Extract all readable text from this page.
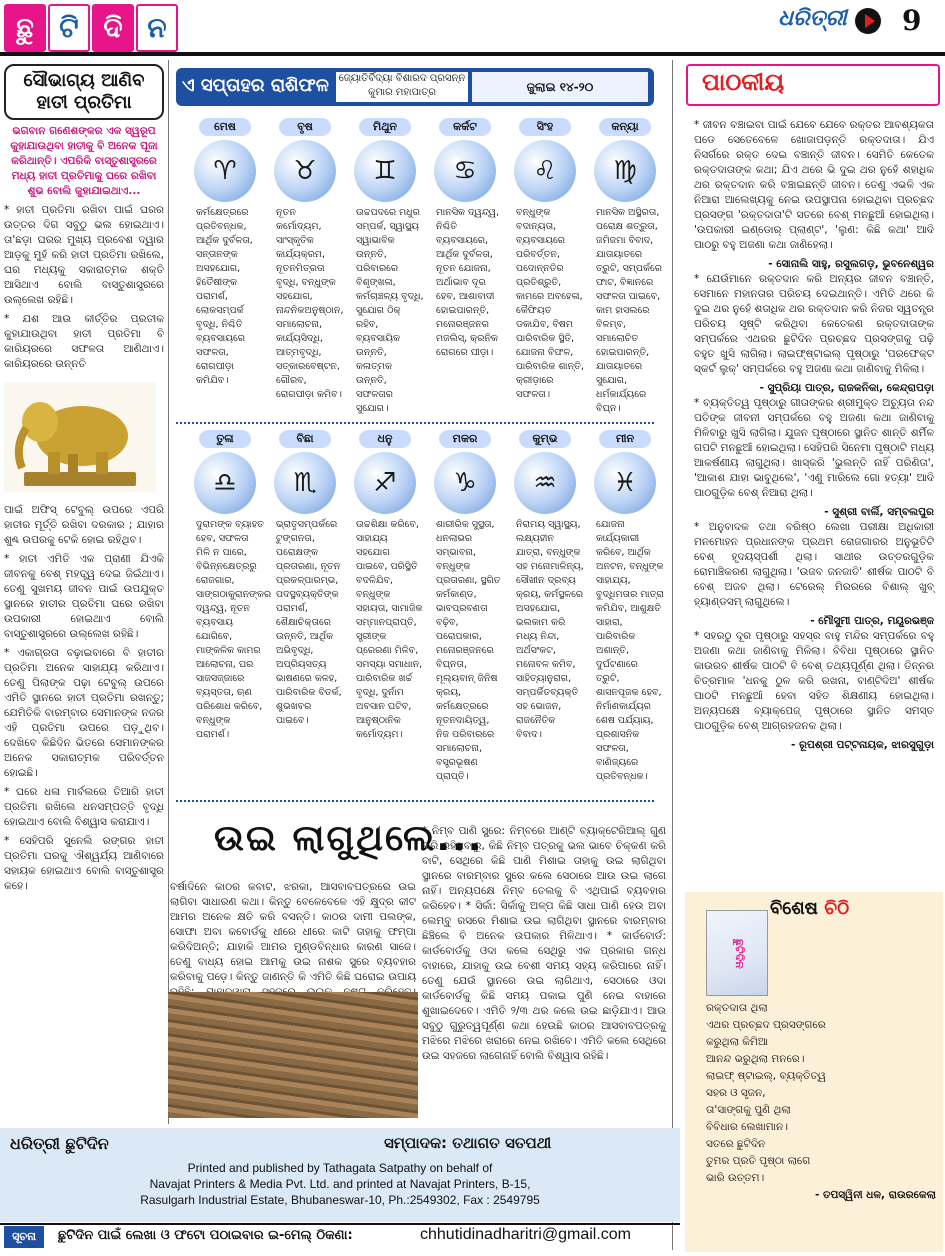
ଛୁ ଟି ଦି ନ	ଧରିତ୍ରୀ 9
ସୌଭାଗ୍ୟ ଆଣିବ ହାତୀ ପ୍ରତିମା
ଭଗବାନ ଗଣେଶଙ୍କର ଏକ ସ୍ୱରୂପ କୁହାଯାଉଥିବା ହାତୀକୁ ବି ଅନେକ ପୂଜା କରିଥାନ୍ତି। ଏପରିକି ବାସ୍ତୁଶାସ୍ତ୍ରରେ ମଧ୍ୟ ହାତୀ ପ୍ରତିମାକୁ ଘରେ ରଖିବା ଶୁଭ ବୋଲି କୁହାଯାଇଥାଏ...

* ହାତୀ ପ୍ରତିମା ରଖିବା ପାଇଁ ଘରର ଉତ୍ତର ଦିଗ ସବୁଠୁ ଭଲ ହୋଇଥାଏ। ତା'ଛଡ଼ା ଘରର ମୁଖ୍ୟ ପ୍ରବେଶ ଦ୍ୱାର ଆଡ଼କୁ ମୁହଁ କରି ହାତୀ ପ୍ରତିମା ରଖିଲେ, ଘର ମଧ୍ୟକୁ ସକାରାତ୍ମକ ଶକ୍ତି ଆସିଥାଏ ବୋଲି ବାସ୍ତୁଶାସ୍ତ୍ରରେ ଉଲ୍ଲେଖ ରହିଛି।

* ଯଶ ଆଉ କୀର୍ତ୍ତିର ପ୍ରତୀକ କୁହାଯାଉଥିବା ହାତୀ ପ୍ରତିମା ବି କାରିୟରରେ ସଫଳତା ଆଣିଥାଏ। କାରିୟରରେ ଉନ୍ନତି

ପାଇଁ ଅଫିସ୍ ଟେବୁଲ୍ ଉପରେ ଏପରି ହାତୀର ମୂର୍ତ୍ତି ରଖିବା ଦରକାର ; ଯାହାର ଶୁଣ୍ଢ ଉପରକୁ ଟେକି ହୋଇ ରହିଥିବ।

* ହାତୀ ଏମିତି ଏକ ପ୍ରାଣୀ ଯିଏକି ଜୀବନକୁ ବେଶ୍ ମହତ୍ତ୍ୱ ଦେଇ ଜିଇଁଥାଏ। ତେଣୁ ସୁଖମୟ ଜୀବନ ପାଇଁ ଉପଯୁକ୍ତ ସ୍ଥାନରେ ହାତୀର ପ୍ରତିମା ଘରେ ରଖିବା ଉପକାରୀ ହୋଇଥାଏ ବୋଲି ବାସ୍ତୁଶାସ୍ତ୍ରରେ ଉଲ୍ଲେଖ ରହିଛି।

* ଏକାଗ୍ରତା ବଢ଼ାଇବାରେ ବି ହାତୀର ପ୍ରତିମା ଅନେକ ସାହାଯ୍ୟ କରିଥାଏ। ତେଣୁ ପିଲାଙ୍କ ପଢ଼ା ଟେବୁଲ୍ ଉପରେ ଏମିତି ସ୍ଥାନରେ ହାତୀ ପ୍ରତିମା ରଖନ୍ତୁ; ଯେମିତିକି ବାରମ୍ବାର ସେମାନଙ୍କ ନଜର ଏହି ପ୍ରତିମା ଉପରେ ପଡ଼ୁଥିବ। ଦେଖିବେ କିଛିଦିନ ଭିତରେ ସେମାନଙ୍କର ଅନେକ ସକାରାତ୍ମକ ପରିବର୍ତ୍ତନ ହୋଇଛି।

* ଘରେ ଧଳା ମାର୍ବଲରେ ତିଆରି ହାତୀ ପ୍ରତିମା ରଖିଲେ ଧନସମ୍ପତ୍ତି ବୃଦ୍ଧି ହୋଇଥାଏ ବୋଲି ବିଶ୍ୱାସ କରାଯାଏ।

* ସେହିପରି ସୁନେଲି ରଙ୍ଗର ହାତୀ ପ୍ରତିମା ଘରକୁ ଐଶ୍ୱର୍ଯ୍ୟ ଆଣିବାରେ ସହାୟକ ହୋଇଥାଏ ବୋଲି ବାସ୍ତୁଶାସ୍ତ୍ର କହେ।

ଏ ସପ୍ତାହର ରାଶିଫଳ ଜ୍ୟୋତିର୍ବିଦ୍ୟା ବିଶାରଦ ପ୍ରସନ୍ନ କୁମାର ମହାପାତ୍ର	ଜୁଲାଇ ୧୪-୨୦
ମେଷ
♈
କର୍ମକ୍ଷେତ୍ରରେ ପ୍ରତିବନ୍ଧକ, ଆର୍ଥିକ ଦୁର୍ବଳତା, ସନ୍ତାନଙ୍କ ଅସହଯୋଗ, ହିତୈଷୀଙ୍କ ପରାମର୍ଶ, ଲୋକସମ୍ପର୍କ ବୃଦ୍ଧି, ନିଶ୍ଚିତି ବ୍ୟବସାୟରେ ସଫଳତା, ରୋଗପୀଡ଼ା କମିଯିବ।
ବୃଷ
♉
ନୂତନ କର୍ମୋଦ୍ୟମ, ସାଂସ୍କୃତିକ କାର୍ଯ୍ୟକ୍ରମ, ନୂତନମିତ୍ରତା ବୃଦ୍ଧି, ବନ୍ଧୁଙ୍କ ସହଯୋଗ, ନାନ୍ଦନିକଅନୁଷ୍ଠାନ, ସମାଲୋଚନା, କାର୍ଯ୍ୟସିଦ୍ଧି, ଆତ୍ମବୃଦ୍ଧି, ସତ୍କାରବେଷ୍ଟନ, ଗୌରବ, ରୋଗପୀଡ଼ା କମିବ।
ମିଥୁନ
♊
ଉଚ୍ଚପଦରେ ମଧୁର ସମ୍ପର୍କ, ସ୍ୱାସ୍ଥ୍ୟ ସ୍ୱାଭାବିକ ଉନ୍ନତି, ପରିବାରରେ ବିଶୃଙ୍ଖଳା, କର୍ମଚାଞ୍ଚଳ୍ୟ ବୃଦ୍ଧି, ସୁଯୋଗ ଠିକ୍ ରହିବ, ବ୍ୟବସାୟିକ ଉନ୍ନତି, କଳାତ୍ମକ ଉନ୍ନତି, ସଫଳତାର ସୁଯୋଗ।
କର୍କଟ
♋
ମାନସିକ ଦ୍ୱନ୍ଦ୍ୱ, ନିଶ୍ଚିତି ବ୍ୟବସାୟରେ, ଆର୍ଥିକ ଦୁର୍ବଳତା, ନୂତନ ଯୋଜନା, ଅର୍ଥାଭାବ ଦୂର ହେବ, ଆଶାବାଦୀ ହୋଇପାରନ୍ତି, ମନୋରଞ୍ଜନର ମଜଲିସ୍, କ୍ରନିକ ରୋଗରେ ପୀଡ଼ା।
ସିଂହ
♌
ବନ୍ଧୁଙ୍କ ବଦାନ୍ୟତା, ବ୍ୟବସାୟରେ ପରିବର୍ତ୍ତନ, ପଦୋନ୍ନତିର ପ୍ରତିଶ୍ରୁତି, କାମରେ ଅବହେଳା, କୈଫିୟତ ଡକାଯିବ, ବିଷମ ପାରିବାରିକ ସ୍ଥିତି, ଯୋଜନା ବିଫଳ, ପାରିବାରିକ ଶାନ୍ତି, କ୍ରୀଡ଼ାରେ ସଫଳତା।
କନ୍ୟା
♍
ମାନସିକ ଅସ୍ଥିରତା, ପରୋକ୍ଷ ଶତ୍ରୁତା, ଜମିଜମା ବିବାଦ, ଯାତାୟାତରେ ତ୍ରୁଟି, ସମ୍ପର୍କରେ ଫାଟ, ବିଜ୍ଞାନରେ ସଫଳତା ପାଇବେ, କାମ ହାସଲରେ ବିଳମ୍ବ, ସମାଲୋଚିତ ହୋଇପାରନ୍ତି, ଯାତାୟାତରେ ସୁଯୋଗ, ଧର୍ମକାର୍ଯ୍ୟରେ ବିଘ୍ନ।
ତୁଳା
♎
ଦୁରାମଙ୍କ ବ୍ୟାହତ ହେବ, ସଫଳତା ମିଳି ନ ପାରେ, ବିଭିନ୍ନକ୍ଷେତ୍ରରୁ ରୋଜଗାର, ସାଙ୍ଗଠାକୁରାନଙ୍କର ଦ୍ୱନ୍ଦ୍ୱ, ନୂତନ ବ୍ୟବସାୟ ଯୋଗିବେ, ମାଙ୍କଳିକ କାମର ଆଲୋଚନା, ଘର ସାଜସଜ୍ଜାରେ ବ୍ୟସ୍ତତା, ଋଣ ପରିଶୋଧ କରିବେ, ବନ୍ଧୁଙ୍କ ପରାମର୍ଶ।
ବିଛା
♏
ଭ୍ରାତୃସମ୍ପର୍କରେ ଟୁଙ୍ଗନତା, ପରୋକ୍ଷଙ୍କ ପ୍ରତାରଣା, ନୂତନ ପ୍ରକଳ୍ପାରମ୍ଭ, ପଦସ୍ଥବ୍ୟକ୍ତିଙ୍କ ପରାମର୍ଶ, ଶୈକ୍ଷାଚିକ୍ତାରେ ଉନ୍ନତି, ଆର୍ଥିକ ଅଭିବୃଦ୍ଧି, ଅପ୍ରିୟସତ୍ୟ ଭାଷଣରେ କଳହ, ପାରିବାରିକ ବିତର୍କ, ଶୁଭଖବର ପାଇବେ।
ଧନୁ
♐
ଉଚ୍ଚଶିକ୍ଷା କରିବେ, ସାହାଯ୍ୟ ସହଯୋଗ ପାଇବେ, ପରିସ୍ଥିତି ବଦଳିଯିବ, ବନ୍ଧୁଙ୍କ ସହାୟତା, ସାମାଜିକ ସମ୍ମାନପ୍ରାପ୍ତି, ସ୍ତ୍ରୀଙ୍କ ପ୍ରେରଣା ମିଳିବ, ସମସ୍ୟା ସମାଧାନ, ପାରିବାରିକ ଖର୍ଚ୍ଚ ବୃଦ୍ଧି, ଦୁର୍ନାମ ଅବସାନ ଘଟିବ, ଆନୁଷ୍ଠାନିକ କର୍ମୋଦ୍ୟମ।
ମକର
♑
ଶାରୀରିକ ସୁସ୍ଥତା, ଧନଲାଭର ସମ୍ଭାବନା, ବନ୍ଧୁଙ୍କ ପ୍ରତାରଣା, ସ୍ଥଗିତ କର୍ମକାଣ୍ଡ, ଭାବପ୍ରବଣତା ବଢ଼ିବ, ପରୋପକାର, ମନୋରଞ୍ଜନରେ ବିଘ୍ନତା, ମୂଲ୍ୟବାନ୍ ଜିନିଷ କ୍ରୟ, କର୍ମକ୍ଷେତ୍ରରେ ନୂତନଦାୟିତ୍ୱ, ନିଜ ପରିବାରରେ ସମାଲୋଚନା, ବସ୍ତ୍ରଭୂଷଣ ପ୍ରାପ୍ତି।
କୁମ୍ଭ
♒
ନିରାମୟ ସ୍ୱାସ୍ଥ୍ୟ, ଲକ୍ଷ୍ୟହୀନ ଯାତ୍ରା, ବନ୍ଧୁଙ୍କ ସହ ମନୋମାଳିନ୍ୟ, ସୌଖୀନ ଦ୍ରବ୍ୟ କ୍ରୟ, କର୍ମସ୍ଥଳରେ ଅସହଯୋଗ, ଭଲକାମ କରି ମଧ୍ୟ ନିନ୍ଦା, ଅର୍ଥସଂକଟ, ମନୋବଳ କମିବ, ସାହିତ୍ୟାନୁରାଗ, ସମ୍ପର୍କିତବ୍ୟକ୍ତି ସହ ଭୋଜନ, ରାଜନୈତିକ ବିବାଦ।
ମୀନ
♓
ଯୋଜନା କାର୍ଯ୍ୟକାରୀ କରିବେ, ଆର୍ଥିକ ଅନଟନ, ବନ୍ଧୁଙ୍କ ସାହାଯ୍ୟ, ବୁଦ୍ଧିମତାର ମାତ୍ରା କମିଯିବ, ଆଶୁକ୍ଷତି ସାହାରା, ପାରିବାରିକ ଅଶାନ୍ତି, ଦୁର୍ଘଟଣାରେ ତ୍ରୁଟି, ଶାସନପୂଜକ ହେବ, ନିର୍ମାଣକାର୍ଯ୍ୟର ଶେଷ ପର୍ଯ୍ୟାୟ, ପ୍ରଶାସନିକ ସଫଳତା, ବାଣିଜ୍ୟରେ ପ୍ରତିବନ୍ଧକ।
ଉଇ ଲାଗୁଥିଲେ...
ବର୍ଷାଦିନେ କାଠର କବାଟ, ଝରକା, ଆସବାବପତ୍ରରେ ଉଇ ଲାଗିବା ସାଧାରଣ କଥା। କିନ୍ତୁ ବେଳେବେଳେ ଏହି କ୍ଷୁଦ୍ର କୀଟ ଆମର ଅନେକ କ୍ଷତି କରି ବସନ୍ତି। କାଠର ଦାମୀ ପଲଙ୍କ, ସୋଫା ଅବା କବୋର୍ଡକୁ ଧୀରେ ଧୀରେ କାଟି ତାହାକୁ ଫମ୍ପା କରିଦିଅନ୍ତି; ଯାହାକି ଆମର ମୁଣ୍ଡବିନ୍ଧାର କାରଣ ସାଜେ। ତେଣୁ ବାଧ୍ୟ ହୋଇ ଆମକୁ ଉଇ ନାଶକ ସ୍ପ୍ରେ ବ୍ୟବହାର କରିବାକୁ ପଡ଼େ। କିନ୍ତୁ ଜାଣନ୍ତି କି ଏମିତି କିଛି ଘରୋଇ ଉପାୟ
* ନିମ୍ବ ପାଣି ସ୍ପ୍ରେ: ନିମ୍ବରେ ଆଣ୍ଟି ବ୍ୟାକ୍ଟେରିଆଲ୍ ଗୁଣ ଭରି ରହିଥିବାରୁ, କିଛି ନିମ୍ବ ପତ୍ରକୁ ଭଲ ଭାବେ ଚିକ୍କଣ କରି ବାଟି, ସେଥିରେ କିଛି ପାଣି ମିଶାଇ ତାହାକୁ ଉଇ ଲାଗିଥିବା ସ୍ଥାନରେ ବାରମ୍ବାର ସ୍ପ୍ରେ କଲେ ସେଠାରେ ଆଉ ଉଇ ଲାଗେ ନାହିଁ। ଅନ୍ୟପକ୍ଷେ ନିମ୍ବ ତେଲକୁ ବି ଏଥିପାଇଁ ବ୍ୟବହାର କରିହେବ। * ସିର୍କା: ସିର୍କାକୁ ଅଳ୍ପ କିଛି ସାଧା ପାଣି ହେଉ ଅବା ଲେମ୍ବୁ ରସରେ ମିଶାଇ ଉଇ ଲାଗିଥିବା ସ୍ଥାନରେ ବାରମ୍ବାର ଛିଞ୍ଚିଲେ ବି ଅନେକ ଉପକାର ମିଳିଥାଏ। * କାର୍ଡବୋର୍ଡ: କାର୍ଡବୋର୍ଡକୁ ଓଦା କଲେ ସେଥିରୁ ଏକ ପ୍ରକାର ଗନ୍ଧ ବାହାରେ, ଯାହାକୁ ଉଇ ବେଶୀ ସମୟ ସହ୍ୟ କରିପାରେ ନାହିଁ। ତେଣୁ ଯେଉଁ ସ୍ଥାନରେ ଉଇ ଲାଗିଥାଏ, ସେଠାରେ ଓଦା କାର୍ଡବୋର୍ଡକୁ କିଛି ସମୟ ପକାଇ ପୁଣି ନେଇ ବାହାରେ ଶୁଖାଇଦେବେ। ଏମିତି ୨/୩ ଥର କଲେ ଉଇ ଛାଡ଼ିଯାଏ। ଆଉ ସବୁଠୁ ଗୁରୁତ୍ୱପୂର୍ଣ୍ଣ କଥା ହେଉଛି କାଠର ଆସବାବପତ୍ରକୁ ମଝିରେ ମଝିରେ ଖରାରେ ନେଇ ରଖିବେ। ଏମିତି କଲେ ସେଥିରେ ଉଇ ସହଜରେ ଲାଗେନାହିଁ ବୋଲି ବିଶ୍ୱାସ ରହିଛି।
ପାଠକୀୟ

* ଜୀବନ ବଞ୍ଚାଇବା ପାଇଁ ଯେବେ ଯେବେ ରକ୍ତର ଆବଶ୍ୟକତା ପଡେ ସେତେବେଳେ ଖୋଜାପଡ଼ନ୍ତି ରକ୍ତଦାତା। ଯିଏ ନିସର୍ଗରେ ରକ୍ତ ଦେଇ ବଞ୍ଚାନ୍ତି ଜୀବନ। ସେମିତି କେତେକ ରକ୍ତଦାତାଙ୍କ କଥା; ଯିଏ ଥରେ ଭି ଦୁଇ ଥର ନୁହେଁ ଶହାଧିକ ଥର ରକ୍ତଦାନ କରି ବଞ୍ଚାଇଛନ୍ତି ଜୀବନ। ତେଣୁ ଏଭଳି ଏକ ନିଆରା ଆଲେଖ୍ୟକୁ ନେଇ ଉପସ୍ଥାପନା ହୋଇଥିବା ପ୍ରଚ୍ଛଦ ପ୍ରସଙ୍ଗ 'ରକ୍ତଦାତା'ଟି ସତରେ ବେଶ୍ ମନଛୁଆଁ ହୋଇଥିଲା। 'ଉପକାରୀ ଇଣ୍ଡୋର୍ ପ୍ଲାଣ୍ଟ', 'ଲୁଣ: କିଛି କଥା' ଆଦି ପାଠରୁ ବହୁ ଅଜଣା କଥା ଜାଣିହେଲା।

- ସୋନାଲି ସାହୁ, ରସୁଲଗଡ଼, ଭୁବନେଶ୍ୱର

* ଯେଉଁମାନେ ରକ୍ତଦାନ କରି ଅନ୍ୟର ଜୀବନ ବଞ୍ଚାନ୍ତି, ସେମାନେ ମହାନତାର ପରିଚୟ ଦେଇଥାନ୍ତି। ଏମିତି ଥରେ କି ଦୁଇ ଥର ନୁହେଁ ଶତାଧିକ ଥର ରକ୍ତଦାନ କରି ନିଜର ସ୍ୱତନ୍ତ୍ର ପରିଚୟ ସୃଷ୍ଟି କରିଥିବା କେତେକଣ ରକ୍ତଦାତାଙ୍କ ସମ୍ପର୍କରେ ଏଥରର ଛୁଟିଦିନ ପ୍ରଚ୍ଛଦ ପ୍ରସଙ୍ଗକୁ ପଢ଼ି ବହୁତ ଖୁସି ଲାଗିଲା। ଲାଇଫ୍‌ଷ୍ଟାଇଲ୍ ପୃଷ୍ଠାରୁ 'ପରଫେକ୍ଟ ସ୍କର୍ଟ ଲୁକ୍' ସମ୍ପର୍କରେ ବହୁ ଅଜଣା କଥା ଜାଣିବାକୁ ମିଳିଲା।

- ସୁପ୍ରିୟା ପାତ୍ର, ରାଜକନିକା, କେନ୍ଦ୍ରାପଡ଼ା

* ବ୍ୟକ୍ତିତ୍ୱ ପୃଷ୍ଠାରୁ ଗୀତାଙ୍କର ଶ୍ରୀମୁକ୍ତ ଅଚ୍ୟୁତା ନନ୍ଦ ପତିଙ୍କ ଜୀବନୀ ସମ୍ପର୍କରେ ବହୁ ଅଜଣା କଥା ଜାଣିବାକୁ ମିଳିବାରୁ ଖୁସି ଲାଗିଲା। ଯୁଜନ ପୃଷ୍ଠାରେ ସ୍ଥାନିତ ଶାନ୍ତି ଶର୍ମିଳ ଗପଟି ମନଛୁଆଁ ହୋଇଥିଲା। ସେହିପରି ସିନେମା ପୃଷ୍ଠାଟି ମଧ୍ୟ ଆକର୍ଷଣୀୟ ଲାଗୁଥିଲା। ଖାସ୍‌କରି 'ଭୁଲନ୍ତି ନାହିଁ ପରିଣିତା', 'ଆକାଶ ଯାହା ଭାବୁଥିଲେ', 'ଏଣୁ ମାରିଲେ ଗୋ ହତ୍ୟା' ଆଦି ପାଠଗୁଡ଼ିକ ବେଶ୍ ନିଆରା ଥିଲା।

- ସୁଶ୍ରୀ ବାର୍ଲି, ସମ୍ବଲପୁର

* ଅନୁବାଦକ ତଥା ବରିଷ୍ଠ ଲେଖା ପରୀକ୍ଷା ଅଧିକାରୀ ମନମୋହନ ପ୍ରଧାନଙ୍କ ପ୍ରଥମ ରୋଜଗାରର ଅନୁଭୂତିଟି ବେଶ୍ ହୃଦୟସ୍ପର୍ଶୀ ଥିଲା। ସାଥୀର ଉତ୍ତରଗୁଡ଼ିକ ରୋମାଞ୍ଚିକରଣ ଲାଗୁଥିଲା। 'ଉଜବ ଜନଜାତି' ଶୀର୍ଷକ ପାଠଟି ବି ବେଶ୍ ଅଜବ ଥିଲା। ଟେରେଲ୍ ମିରରରେ ବିଶାଲ୍ ଖୁବ୍ ହ୍ୟାଣ୍ଡସମ୍ ଲାଗୁଥିଲେ।

- ମୌସୁମୀ ପାତ୍ର, ମୟୂରଭଞ୍ଜ

* ସହରଠୁ ଦୂର ପୃଷ୍ଠାରୁ ସହସ୍ର ବାହୁ ମନ୍ଦିର ସମ୍ପର୍କରେ ବହୁ ଅଜଣା କଥା ଜାଣିବାକୁ ମିଳିଲା। ବିବିଧା ପୃଷ୍ଠାରେ ସ୍ଥାନିତ କାଉରବ ଶୀର୍ଷକ ପାଠଟି ବି ବେଶ୍ ତଥ୍ୟପୂର୍ଣ୍ଣ ଥିଲା। ତିନ୍ନର ଚିତ୍ରମାଳ 'ଧନକୁ ଠୁଳ କରି ରଖନା, ବାଣ୍ଟିଦିଅ' ଶୀର୍ଷକ ପାଠଟି ମନଛୁଆଁ ହେବା ସହିତ ଶିକ୍ଷଣୀୟ ହୋଇଥିଲା। ଅନ୍ୟପକ୍ଷେ ବ୍ୟାକ୍‌ପେଜ୍ ପୃଷ୍ଠାରେ ସ୍ଥାନିତ ସମସ୍ତ ପାଠଗୁଡ଼ିକ ବେଶ୍ ଆଗ୍ରହଜନକ ଥିଲା।

- ରୂପଶ୍ରୀ ପଟ୍ଟନାୟକ, ଝାରସୁଗୁଡ଼ା
ବିଶେଷ ଚିଠି
ଛୁଟିଦିନ
ରକ୍ତଦାତା ଥିଲା
ଏଥର ପ୍ରଚ୍ଛଦ ପ୍ରସଙ୍ଗରେ
କରୁଥିଲା କିମିଆ
ଆନନ୍ଦ ଭରୁଥିଲା ମନରେ।
ଲାଇଫ୍ ଷ୍ଟାଇଲ୍, ବ୍ୟକ୍ତିତ୍ୱ
ସହର ଓ ସୃଜନ,
ତା'ସାଙ୍ଗକୁ ପୁଣି ଥିଲା
ବିବିଧାର ଲେଖାମାନ।
ସତରେ ଛୁଟିଦିନ
ତୁମର ପ୍ରତି ପୃଷ୍ଠା ଲାଗେ
ଭାରି ଉତ୍ତମ।
- ତପସ୍ୱିନୀ ଧଳ, ରାଉରକେଲା
ଧରିତ୍ରୀ ଛୁଟିଦିନ	ସମ୍ପାଦକ: ତଥାଗତ ସତପଥୀ
Printed and published by Tathagata Satpathy on behalf of
Navajat Printers & Media Pvt. Ltd. and printed at Navajat Printers, B-15,
Rasulgarh Industrial Estate, Bhubaneswar-10, Ph.:2549302, Fax : 2549795
ସୂଚନା	ଛୁଟିଦିନ ପାଇଁ ଲେଖା ଓ ଫଟୋ ପଠାଇବାର ଇ-ମେଲ୍ ଠିକଣା:	chhutidinadharitri@gmail.com
